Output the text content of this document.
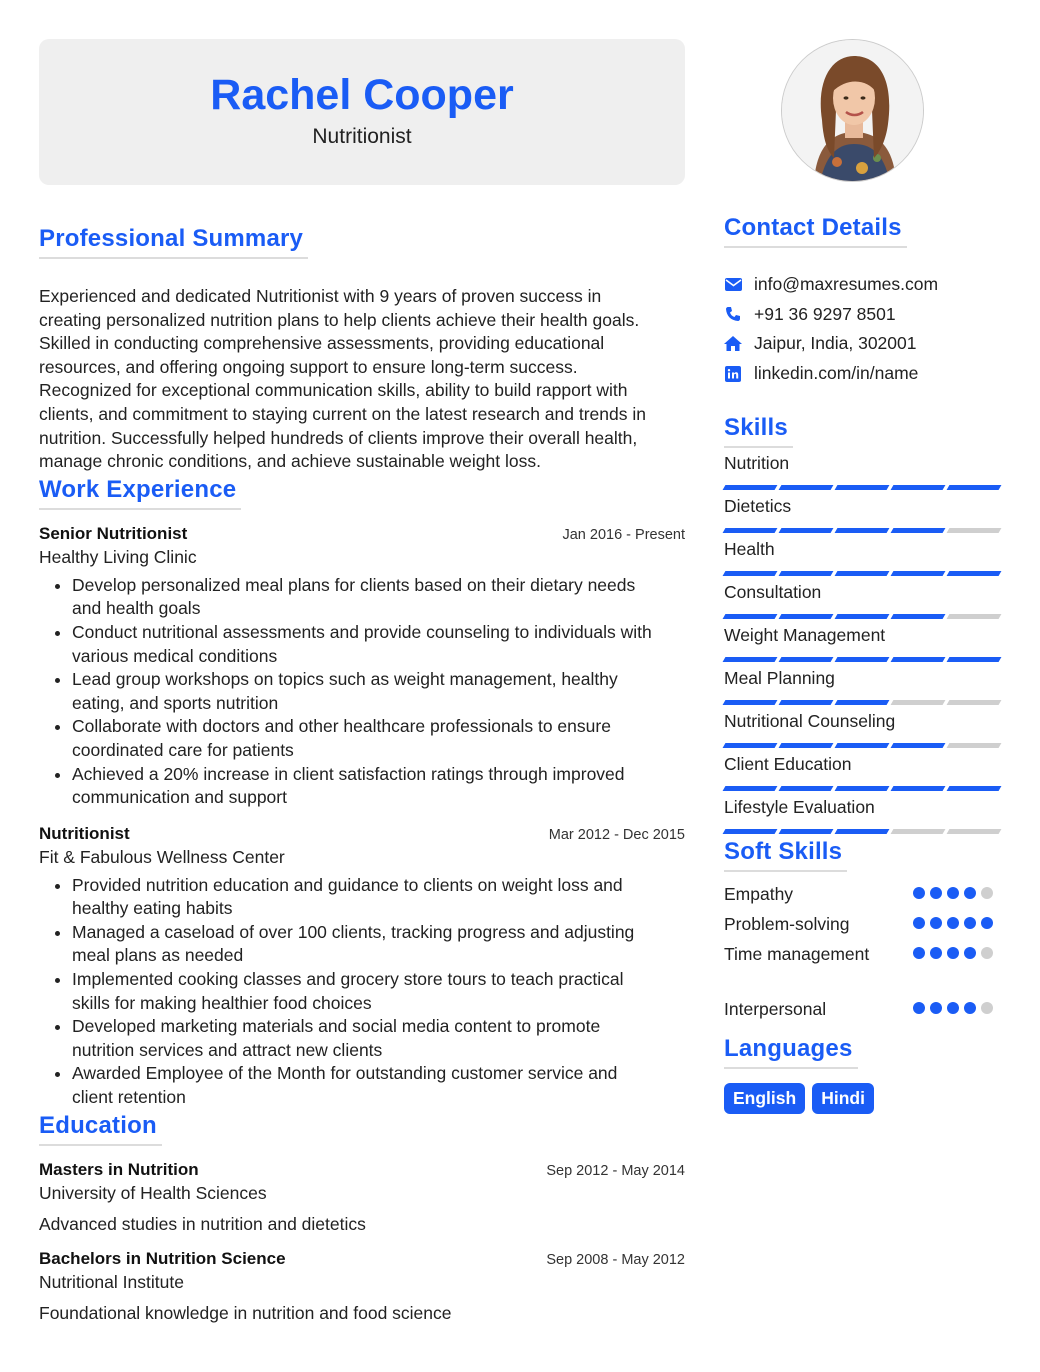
Rachel Cooper
Nutritionist
Professional Summary
Experienced and dedicated Nutritionist with 9 years of proven success in
creating personalized nutrition plans to help clients achieve their health goals.
Skilled in conducting comprehensive assessments, providing educational
resources, and offering ongoing support to ensure long-term success.
Recognized for exceptional communication skills, ability to build rapport with
clients, and commitment to staying current on the latest research and trends in
nutrition. Successfully helped hundreds of clients improve their overall health,
manage chronic conditions, and achieve sustainable weight loss.
Work Experience
Senior Nutritionist	Jan 2016 - Present
Healthy Living Clinic
• Develop personalized meal plans for clients based on their dietary needs
and health goals
• Conduct nutritional assessments and provide counseling to individuals with
various medical conditions
• Lead group workshops on topics such as weight management, healthy
eating, and sports nutrition
• Collaborate with doctors and other healthcare professionals to ensure
coordinated care for patients
• Achieved a 20% increase in client satisfaction ratings through improved
communication and support
Nutritionist	Mar 2012 - Dec 2015
Fit & Fabulous Wellness Center
• Provided nutrition education and guidance to clients on weight loss and
healthy eating habits
• Managed a caseload of over 100 clients, tracking progress and adjusting
meal plans as needed
• Implemented cooking classes and grocery store tours to teach practical
skills for making healthier food choices
• Developed marketing materials and social media content to promote
nutrition services and attract new clients
• Awarded Employee of the Month for outstanding customer service and
client retention
Education
Masters in Nutrition	Sep 2012 - May 2014
University of Health Sciences
Advanced studies in nutrition and dietetics
Bachelors in Nutrition Science	Sep 2008 - May 2012
Nutritional Institute
Foundational knowledge in nutrition and food science
Contact Details
info@maxresumes.com
+91 36 9297 8501
Jaipur, India, 302001
linkedin.com/in/name
Skills
Nutrition
Dietetics
Health
Consultation
Weight Management
Meal Planning
Nutritional Counseling
Client Education
Lifestyle Evaluation
Soft Skills
Empathy
Problem-solving
Time management
Interpersonal
Languages
English	Hindi
